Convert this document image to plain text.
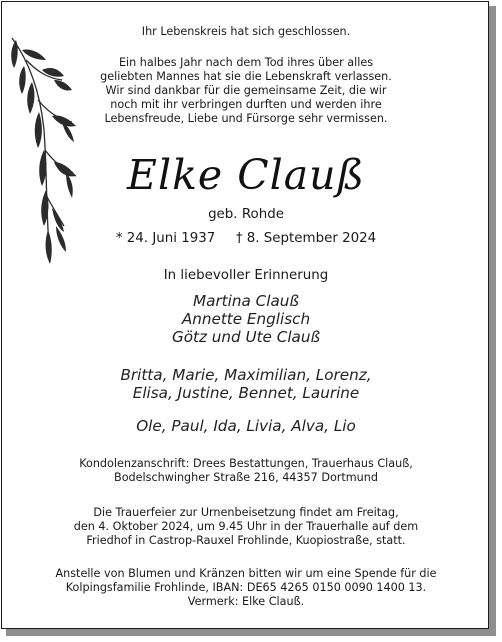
Ihr Lebenskreis hat sich geschlossen.
Ein halbes Jahr nach dem Tod ihres über alles
geliebten Mannes hat sie die Lebenskraft verlassen.
Wir sind dankbar für die gemeinsame Zeit, die wir
noch mit ihr verbringen durften und werden ihre
Lebensfreude, Liebe und Fürsorge sehr vermissen.
Elke Clauß
geb. Rohde
* 24. Juni 1937 † 8. September 2024
In liebevoller Erinnerung
Martina Clauß
Annette Englisch
Götz und Ute Clauß
Britta, Marie, Maximilian, Lorenz,
Elisa, Justine, Bennet, Laurine
Ole, Paul, Ida, Livia, Alva, Lio
Kondolenzanschrift: Drees Bestattungen, Trauerhaus Clauß,
Bodelschwingher Straße 216, 44357 Dortmund
Die Trauerfeier zur Urnenbeisetzung findet am Freitag,
den 4. Oktober 2024, um 9.45 Uhr in der Trauerhalle auf dem
Friedhof in Castrop-Rauxel Frohlinde, Kuopiostraße, statt.
Anstelle von Blumen und Kränzen bitten wir um eine Spende für die
Kolpingsfamilie Frohlinde, IBAN: DE65 4265 0150 0090 1400 13.
Vermerk: Elke Clauß.
